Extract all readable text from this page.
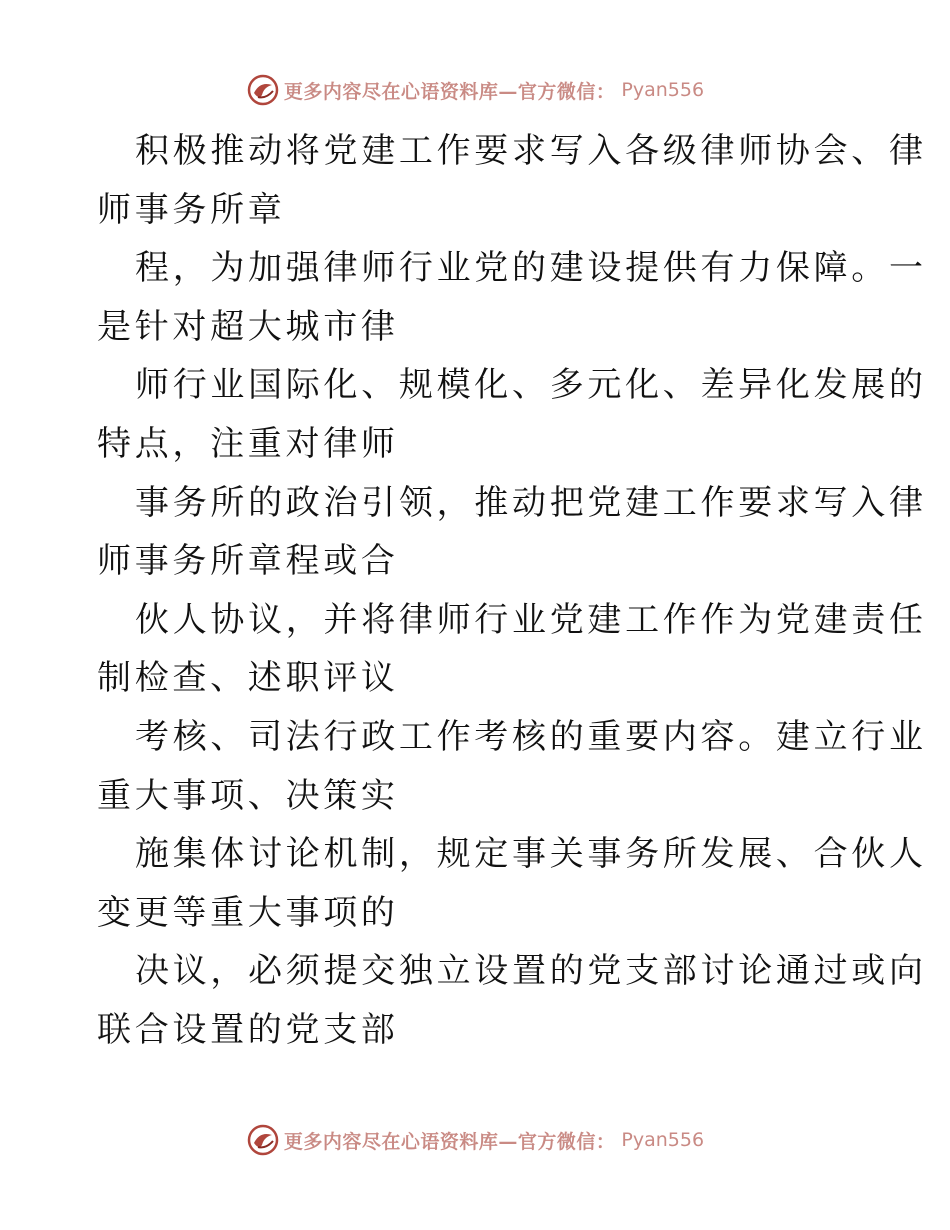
更多内容尽在心语资料库—官方微信： Pyan556
积极推动将党建工作要求写入各级律师协会、律
师事务所章
程，为加强律师行业党的建设提供有力保障。一
是针对超大城市律
师行业国际化、规模化、多元化、差异化发展的
特点，注重对律师
事务所的政治引领，推动把党建工作要求写入律
师事务所章程或合
伙人协议，并将律师行业党建工作作为党建责任
制检查、述职评议
考核、司法行政工作考核的重要内容。建立行业
重大事项、决策实
施集体讨论机制，规定事关事务所发展、合伙人
变更等重大事项的
决议，必须提交独立设置的党支部讨论通过或向
联合设置的党支部
更多内容尽在心语资料库—官方微信： Pyan556
